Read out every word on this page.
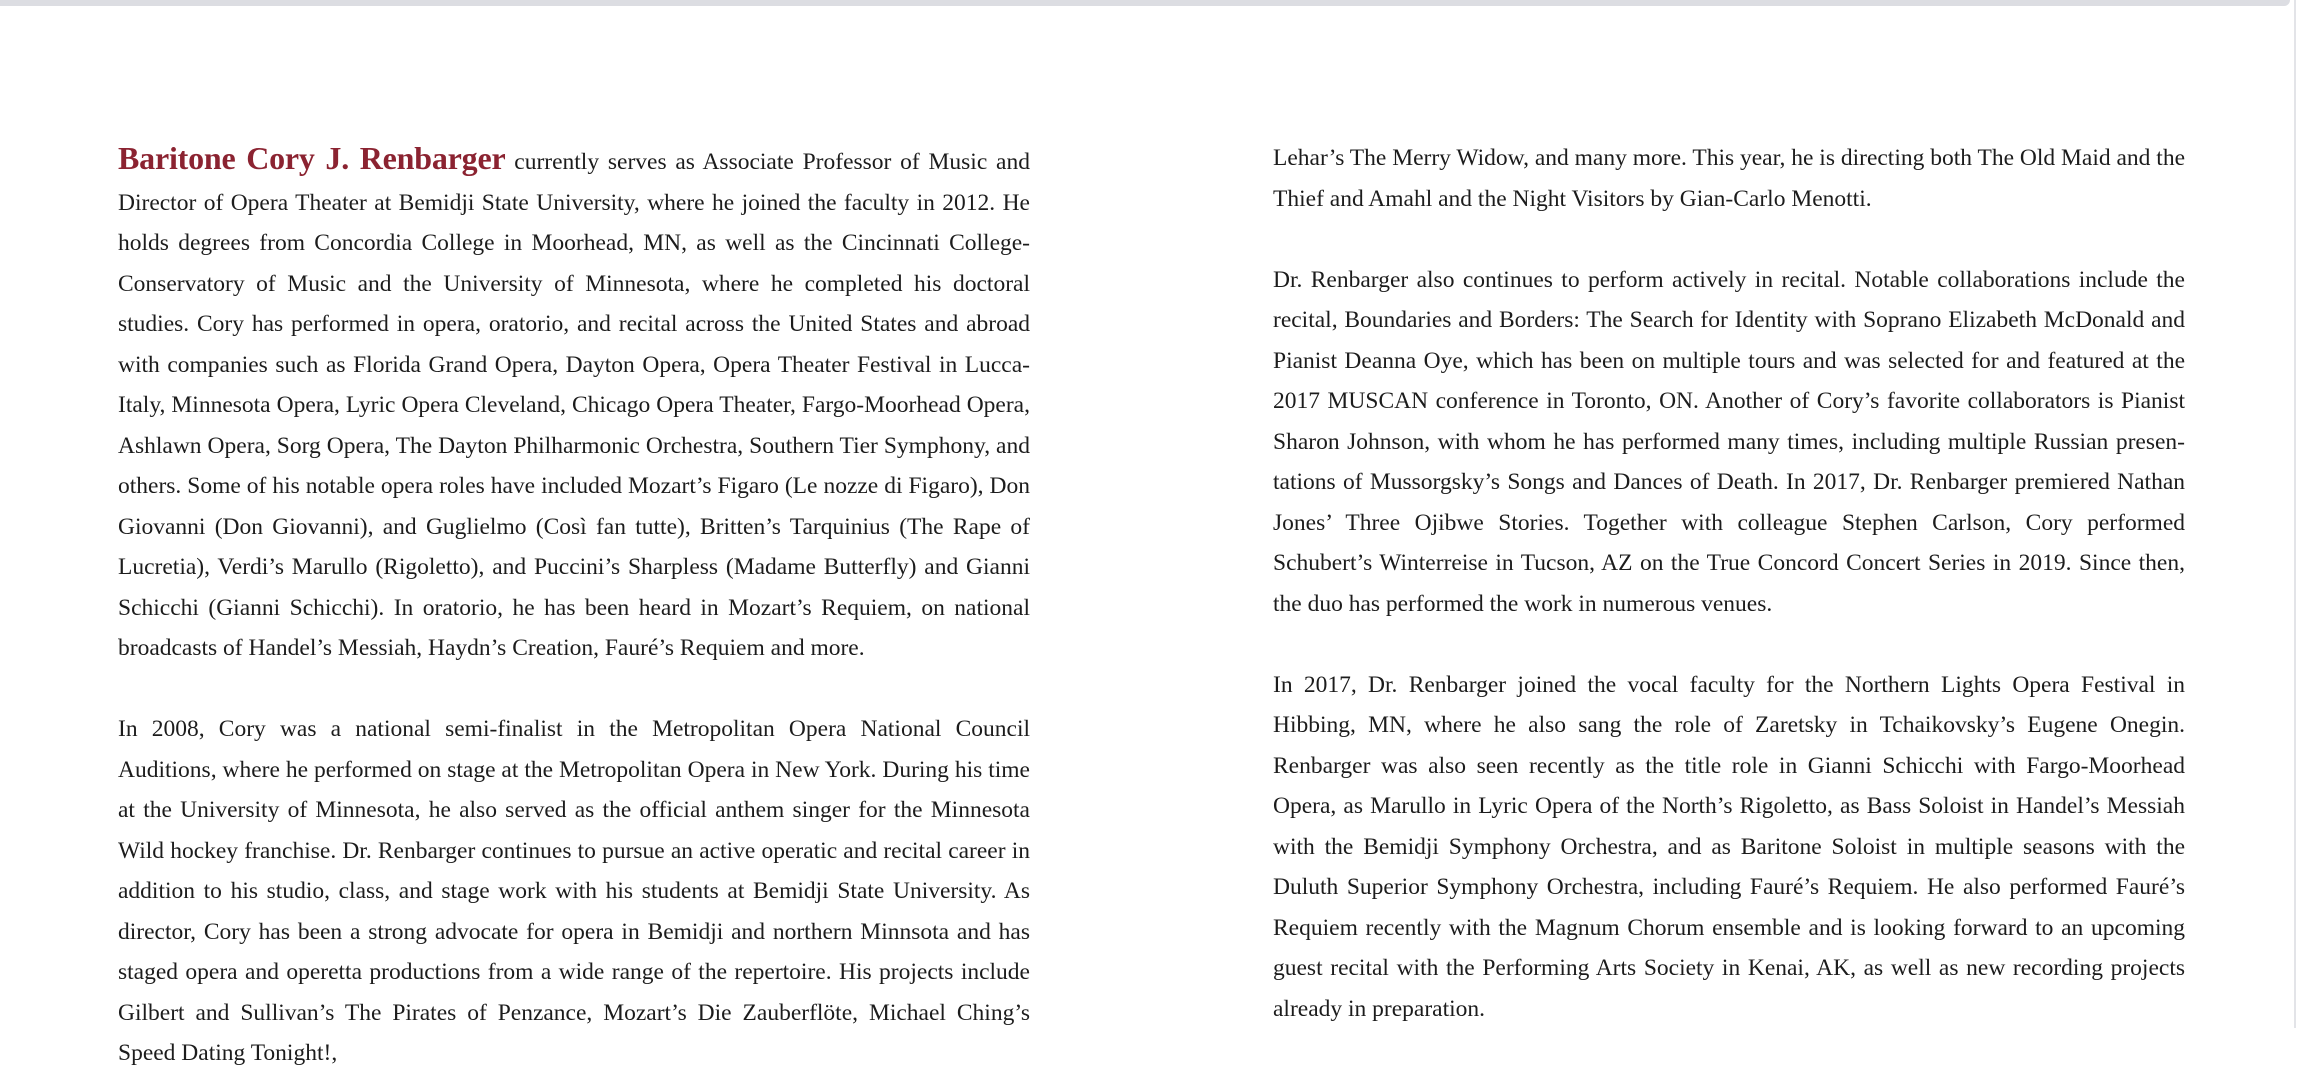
Baritone Cory J. Renbarger currently serves as Associate Professor of Music and Director of Opera Theater at Bemidji State University, where he joined the faculty in 2012. He holds degrees from Concordia College in Moorhead, MN, as well as the Cincinnati College-Conservatory of Music and the University of Minnesota, where he completed his doctoral studies. Cory has performed in opera, oratorio, and recital across the United States and abroad with companies such as Florida Grand Opera, Dayton Opera, Opera Theater Festival in Lucca-Italy, Minnesota Opera, Lyric Opera Cleveland, Chicago Opera Theater, Fargo-Moorhead Opera, Ashlawn Opera, Sorg Opera, The Dayton Philharmonic Orchestra, Southern Tier Symphony, and others. Some of his notable opera roles have included Mozart’s Figaro (Le nozze di Figaro), Don Giovanni (Don Giovanni), and Guglielmo (Così fan tutte), Britten’s Tarquinius (The Rape of Lucretia), Verdi’s Marullo (Rigoletto), and Puccini’s Sharpless (Madame Butterfly) and Gianni Schicchi (Gianni Schicchi). In oratorio, he has been heard in Mozart’s Requiem, on national broadcasts of Handel’s Messiah, Haydn’s Creation, Fauré’s Requiem and more.

In 2008, Cory was a national semi-finalist in the Metropolitan Opera National Council Auditions, where he performed on stage at the Metropolitan Opera in New York. During his time at the University of Minnesota, he also served as the official anthem singer for the Minnesota Wild hockey franchise. Dr. Renbarger continues to pursue an active operatic and recital career in addition to his studio, class, and stage work with his students at Bemidji State University. As director, Cory has been a strong advocate for opera in Bemidji and northern Minnsota and has staged opera and operetta productions from a wide range of the repertoire. His projects include Gilbert and Sullivan’s The Pirates of Penzance, Mozart’s Die Zauberflöte, Michael Ching’s Speed Dating Tonight!,

Lehar’s The Merry Widow, and many more. This year, he is directing both The Old Maid and the Thief and Amahl and the Night Visitors by Gian-Carlo Menotti.

Dr. Renbarger also continues to perform actively in recital. Notable collaborations include the recital, Boundaries and Borders: The Search for Identity with Soprano Elizabeth McDonald and Pianist Deanna Oye, which has been on multiple tours and was selected for and featured at the 2017 MUSCAN conference in Toronto, ON. Another of Cory’s favorite collaborators is Pianist Sharon Johnson, with whom he has performed many times, including multiple Russian presentations of Mussorgsky’s Songs and Dances of Death. In 2017, Dr. Renbarger premiered Nathan Jones’ Three Ojibwe Stories. Together with colleague Stephen Carlson, Cory performed Schubert’s Winterreise in Tucson, AZ on the True Concord Concert Series in 2019. Since then, the duo has performed the work in numerous venues.

In 2017, Dr. Renbarger joined the vocal faculty for the Northern Lights Opera Festival in Hibbing, MN, where he also sang the role of Zaretsky in Tchaikovsky’s Eugene Onegin. Renbarger was also seen recently as the title role in Gianni Schicchi with Fargo-Moorhead Opera, as Marullo in Lyric Opera of the North’s Rigoletto, as Bass Soloist in Handel’s Messiah with the Bemidji Symphony Orchestra, and as Baritone Soloist in multiple seasons with the Duluth Superior Symphony Orchestra, including Fauré’s Requiem. He also performed Fauré’s Requiem recently with the Magnum Chorum ensemble and is looking forward to an upcoming guest recital with the Performing Arts Society in Kenai, AK, as well as new recording projects already in preparation.
